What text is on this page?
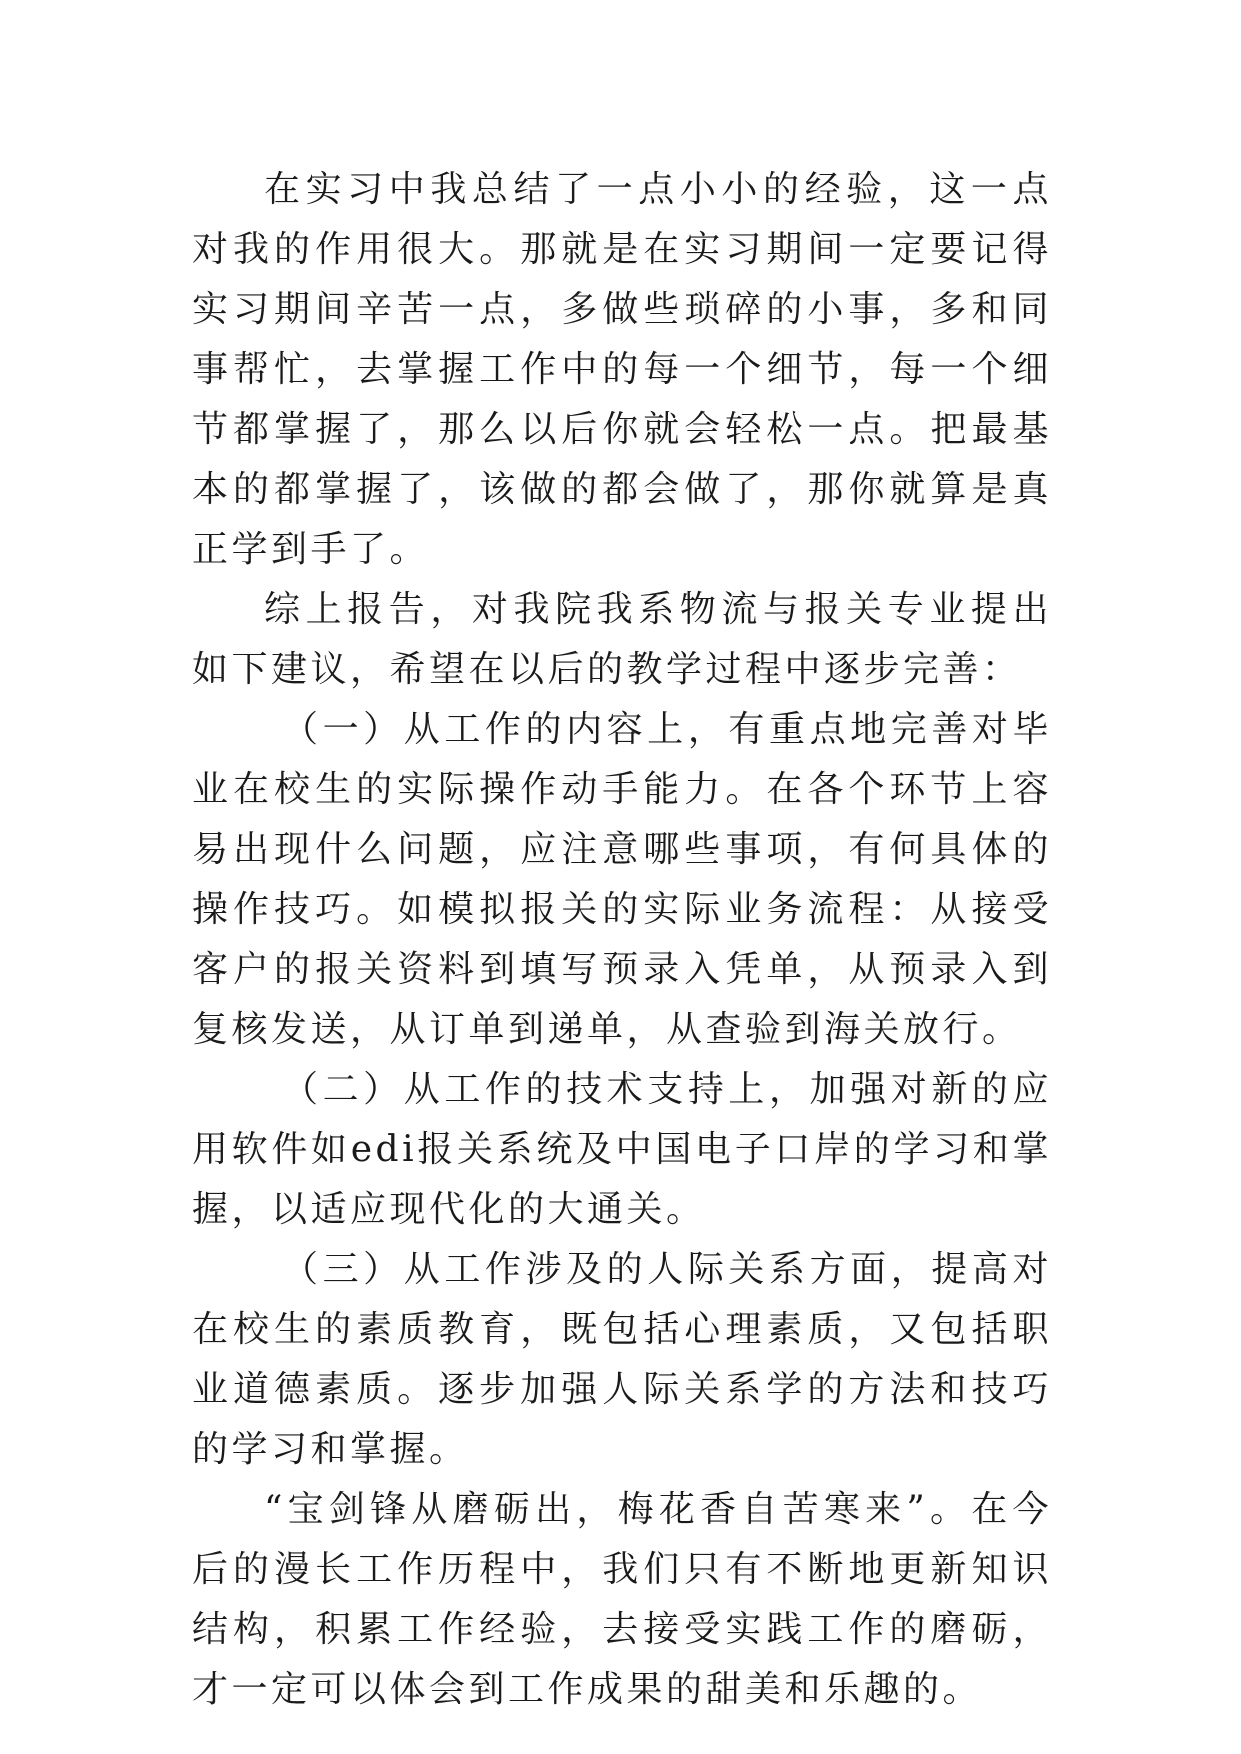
在实习中我总结了一点小小的经验，这一点对我的作用很大。那就是在实习期间一定要记得实习期间辛苦一点，多做些琐碎的小事，多和同事帮忙，去掌握工作中的每一个细节，每一个细节都掌握了，那么以后你就会轻松一点。把最基本的都掌握了，该做的都会做了，那你就算是真正学到手了。

综上报告，对我院我系物流与报关专业提出如下建议，希望在以后的教学过程中逐步完善：

（一）从工作的内容上，有重点地完善对毕业在校生的实际操作动手能力。在各个环节上容易出现什么问题，应注意哪些事项，有何具体的操作技巧。如模拟报关的实际业务流程：从接受客户的报关资料到填写预录入凭单，从预录入到复核发送，从订单到递单，从查验到海关放行。

（二）从工作的技术支持上，加强对新的应用软件如edi报关系统及中国电子口岸的学习和掌握，以适应现代化的大通关。

（三）从工作涉及的人际关系方面，提高对在校生的素质教育，既包括心理素质，又包括职业道德素质。逐步加强人际关系学的方法和技巧的学习和掌握。

“宝剑锋从磨砺出，梅花香自苦寒来”。在今后的漫长工作历程中，我们只有不断地更新知识结构，积累工作经验，去接受实践工作的磨砺，才一定可以体会到工作成果的甜美和乐趣的。
